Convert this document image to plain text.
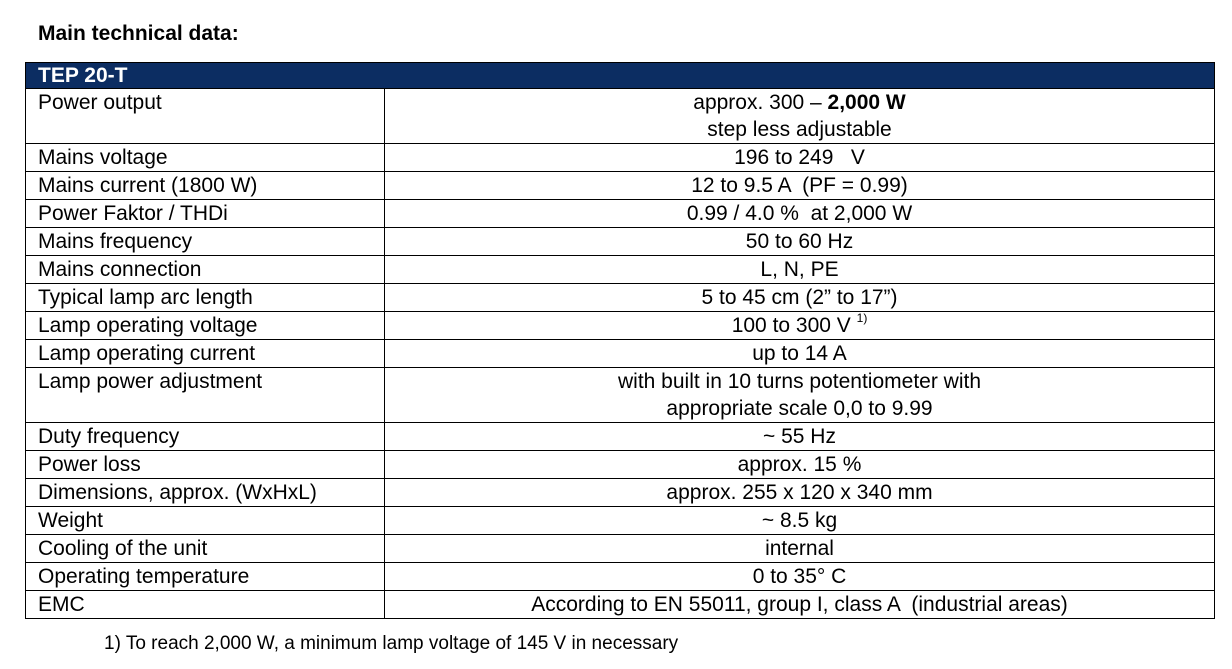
Main technical data:
TEP 20-T	
Power output	approx. 300 – 2,000 W
step less adjustable

Mains voltage	196 to 249   V
Mains current (1800 W)	12 to 9.5 A  (PF = 0.99)
Power Faktor / THDi	0.99 / 4.0 %  at 2,000 W
Mains frequency	50 to 60 Hz
Mains connection	L, N, PE
Typical lamp arc length	5 to 45 cm (2” to 17”)
Lamp operating voltage	100 to 300 V $^{1)}$
Lamp operating current	up to 14 A
Lamp power adjustment	with built in 10 turns potentiometer with
appropriate scale 0,0 to 9.99

Duty frequency	~ 55 Hz
Power loss	approx. 15 %
Dimensions, approx. (WxHxL)	approx. 255 x 120 x 340 mm
Weight	~ 8.5 kg
Cooling of the unit	internal
Operating temperature	0 to 35° C
EMC	According to EN 55011, group I, class A  (industrial areas)

1) To reach 2,000 W, a minimum lamp voltage of 145 V in necessary
